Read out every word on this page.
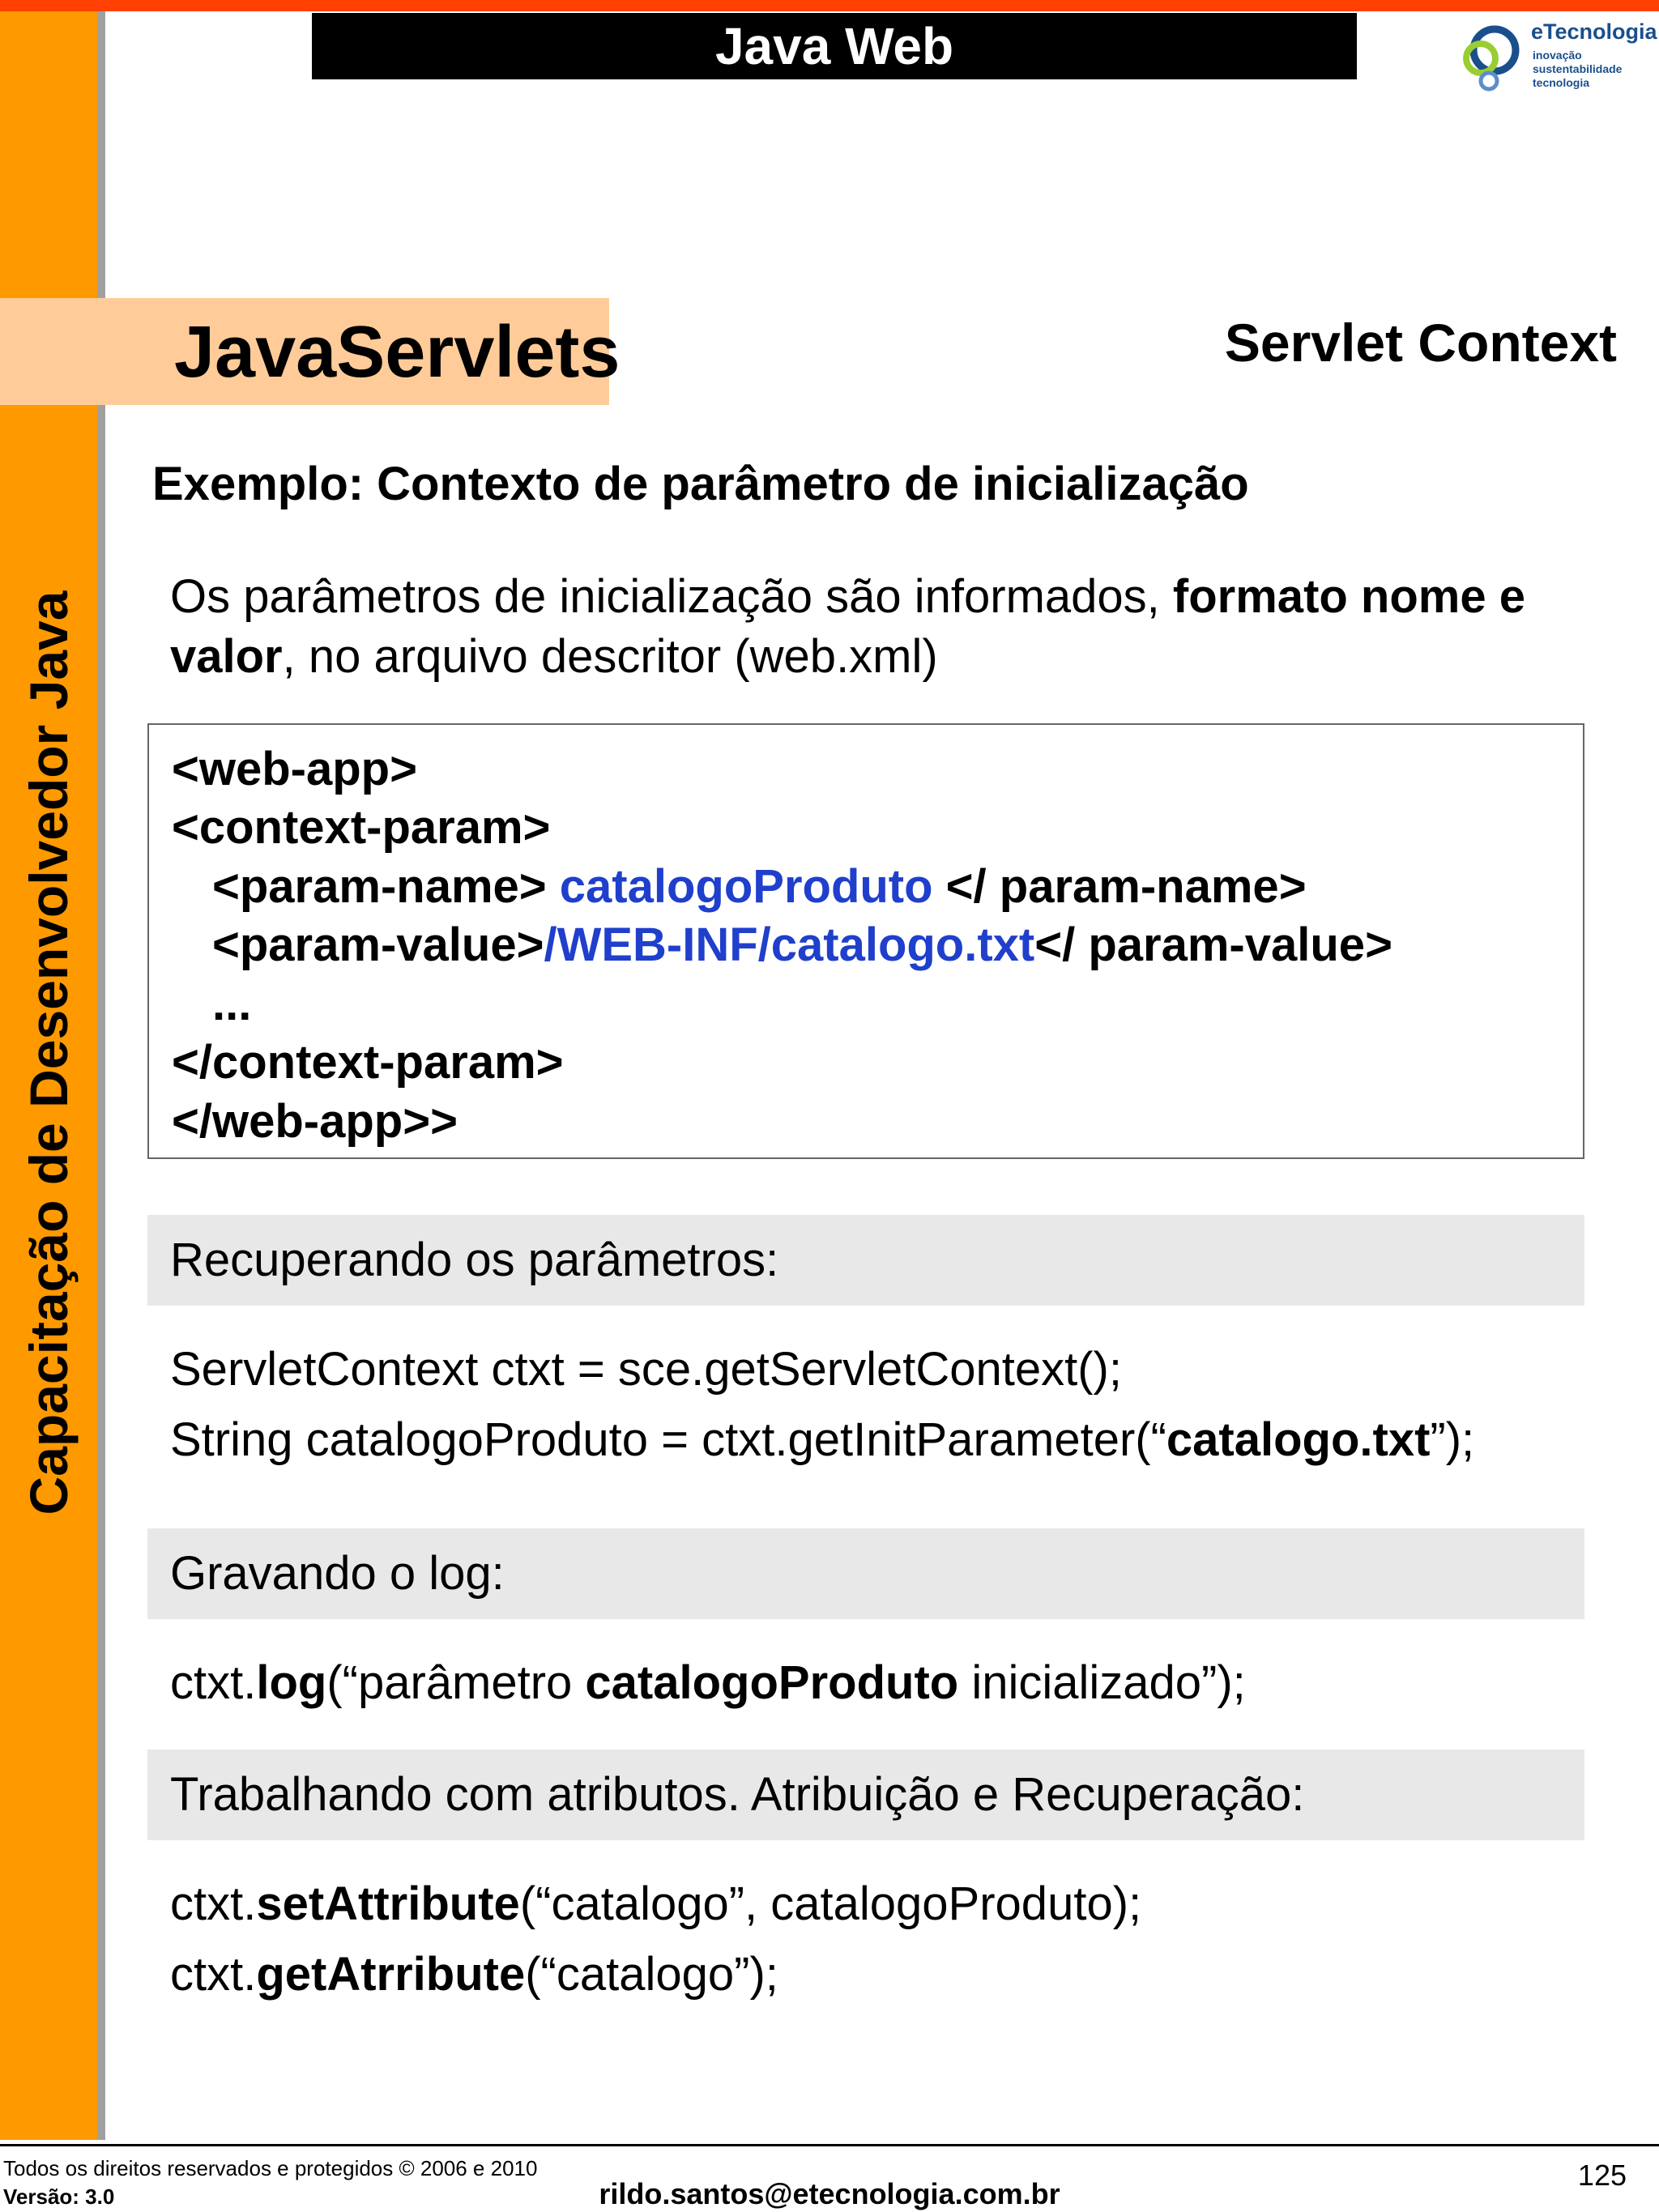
Capacitação de Desenvolvedor Java
Java Web	eTecnologia
inovação
sustentabilidade
tecnologia
JavaServlets	Servlet Context
Exemplo: Contexto de parâmetro de inicialização
Os parâmetros de inicialização são informados, formato nome e valor, no arquivo descritor (web.xml)
<web-app>
<context-param>
<param-name> catalogoProduto </ param-name>
<param-value>/WEB-INF/catalogo.txt</ param-value>
...
</context-param>
</web-app>>
Recuperando os parâmetros:
ServletContext ctxt = sce.getServletContext();
String catalogoProduto = ctxt.getInitParameter(“catalogo.txt”);
Gravando o log:
ctxt.log(“parâmetro catalogoProduto inicializado”);
Trabalhando com atributos. Atribuição e Recuperação:
ctxt.setAttribute(“catalogo”, catalogoProduto);
ctxt.getAtrribute(“catalogo”);
Todos os direitos reservados e protegidos © 2006 e 2010
Versão: 3.0	rildo.santos@etecnologia.com.br
125
